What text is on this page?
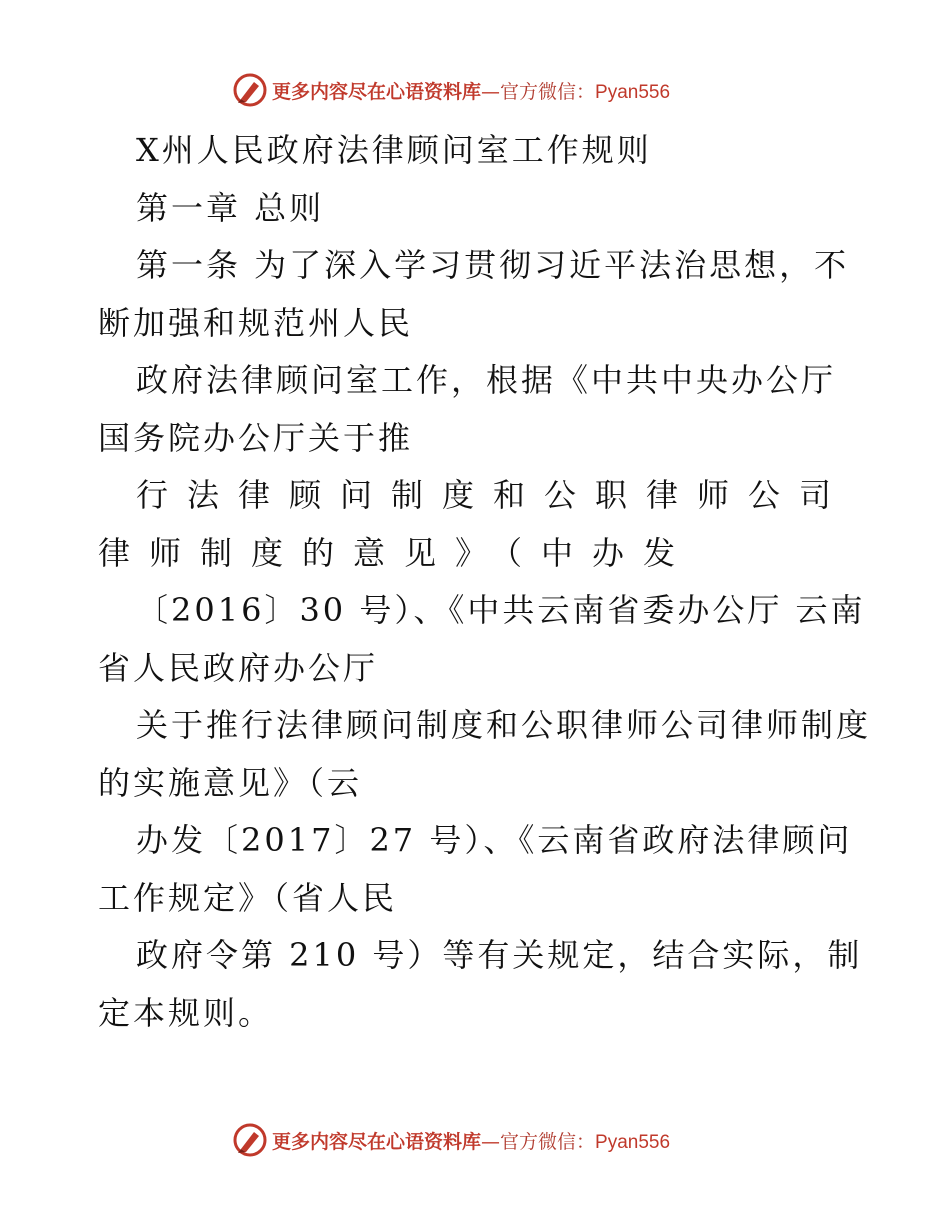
更多内容尽在心语资料库—官方微信：Pyan556
X州人民政府法律顾问室工作规则
第一章 总则
第一条 为了深入学习贯彻习近平法治思想，不
断加强和规范州人民
政府法律顾问室工作，根据《中共中央办公厅
国务院办公厅关于推
行法律顾问制度和公职律师公司
律师制度的意见》（中办发
〔2016〕30 号）、《中共云南省委办公厅 云南
省人民政府办公厅
关于推行法律顾问制度和公职律师公司律师制度
的实施意见》（云
办发〔2017〕27 号）、《云南省政府法律顾问
工作规定》（省人民
政府令第 210 号）等有关规定，结合实际，制
定本规则。
更多内容尽在心语资料库—官方微信：Pyan556
